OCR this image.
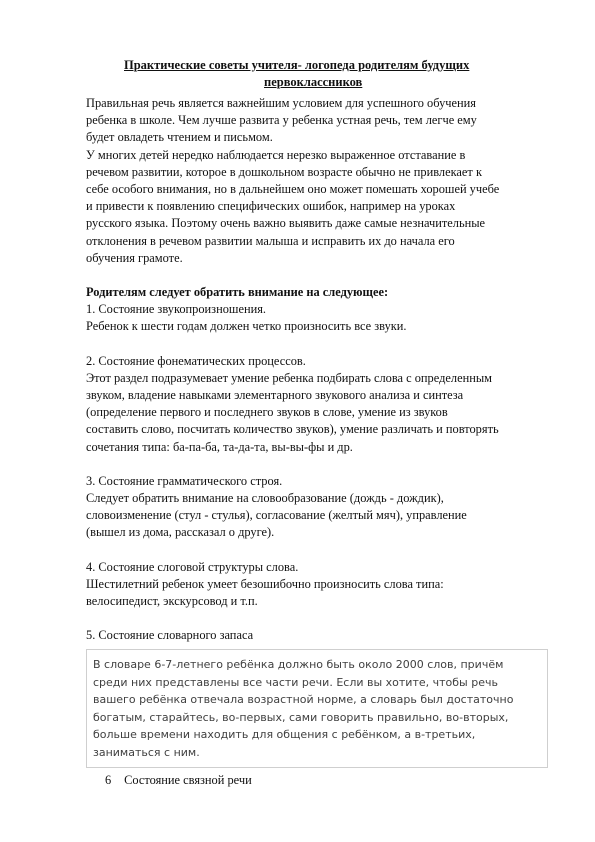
Практические советы учителя- логопеда родителям будущих
первоклассников

Правильная речь является важнейшим условием для успешного обучения

ребенка в школе. Чем лучше развита у ребенка устная речь, тем легче ему

будет овладеть чтением и письмом.

У многих детей нередко наблюдается нерезко выраженное отставание в

речевом развитии, которое в дошкольном возрасте обычно не привлекает к

себе особого внимания, но в дальнейшем оно может помешать хорошей учебе

и привести к появлению специфических ошибок, например на уроках

русского языка. Поэтому очень важно выявить даже самые незначительные

отклонения в речевом развитии малыша и исправить их до начала его

обучения грамоте.

Родителям следует обратить внимание на следующее:

1. Состояние звукопроизношения.

Ребенок к шести годам должен четко произносить все звуки.

2. Состояние фонематических процессов.

Этот раздел подразумевает умение ребенка подбирать слова с определенным

звуком, владение навыками элементарного звукового анализа и синтеза

(определение первого и последнего звуков в слове, умение из звуков

составить слово, посчитать количество звуков), умение различать и повторять

сочетания типа: ба-па-ба, та-да-та, вы-вы-фы и др.

3. Состояние грамматического строя.

Следует обратить внимание на словообразование (дождь - дождик),

словоизменение (стул - стулья), согласование (желтый мяч), управление

(вышел из дома, рассказал о друге).

4. Состояние слоговой структуры слова.

Шестилетний ребенок умеет безошибочно произносить слова типа:

велосипедист, экскурсовод и т.п.

5. Состояние словарного запаса

В словаре 6-7-летнего ребёнка должно быть около 2000 слов, причём
среди них представлены все части речи. Если вы хотите, чтобы речь
вашего ребёнка отвечала возрастной норме, а словарь был достаточно
богатым, старайтесь, во-первых, сами говорить правильно, во-вторых,
больше времени находить для общения с ребёнком, а в-третьих,
заниматься с ним.

6 Состояние связной речи
